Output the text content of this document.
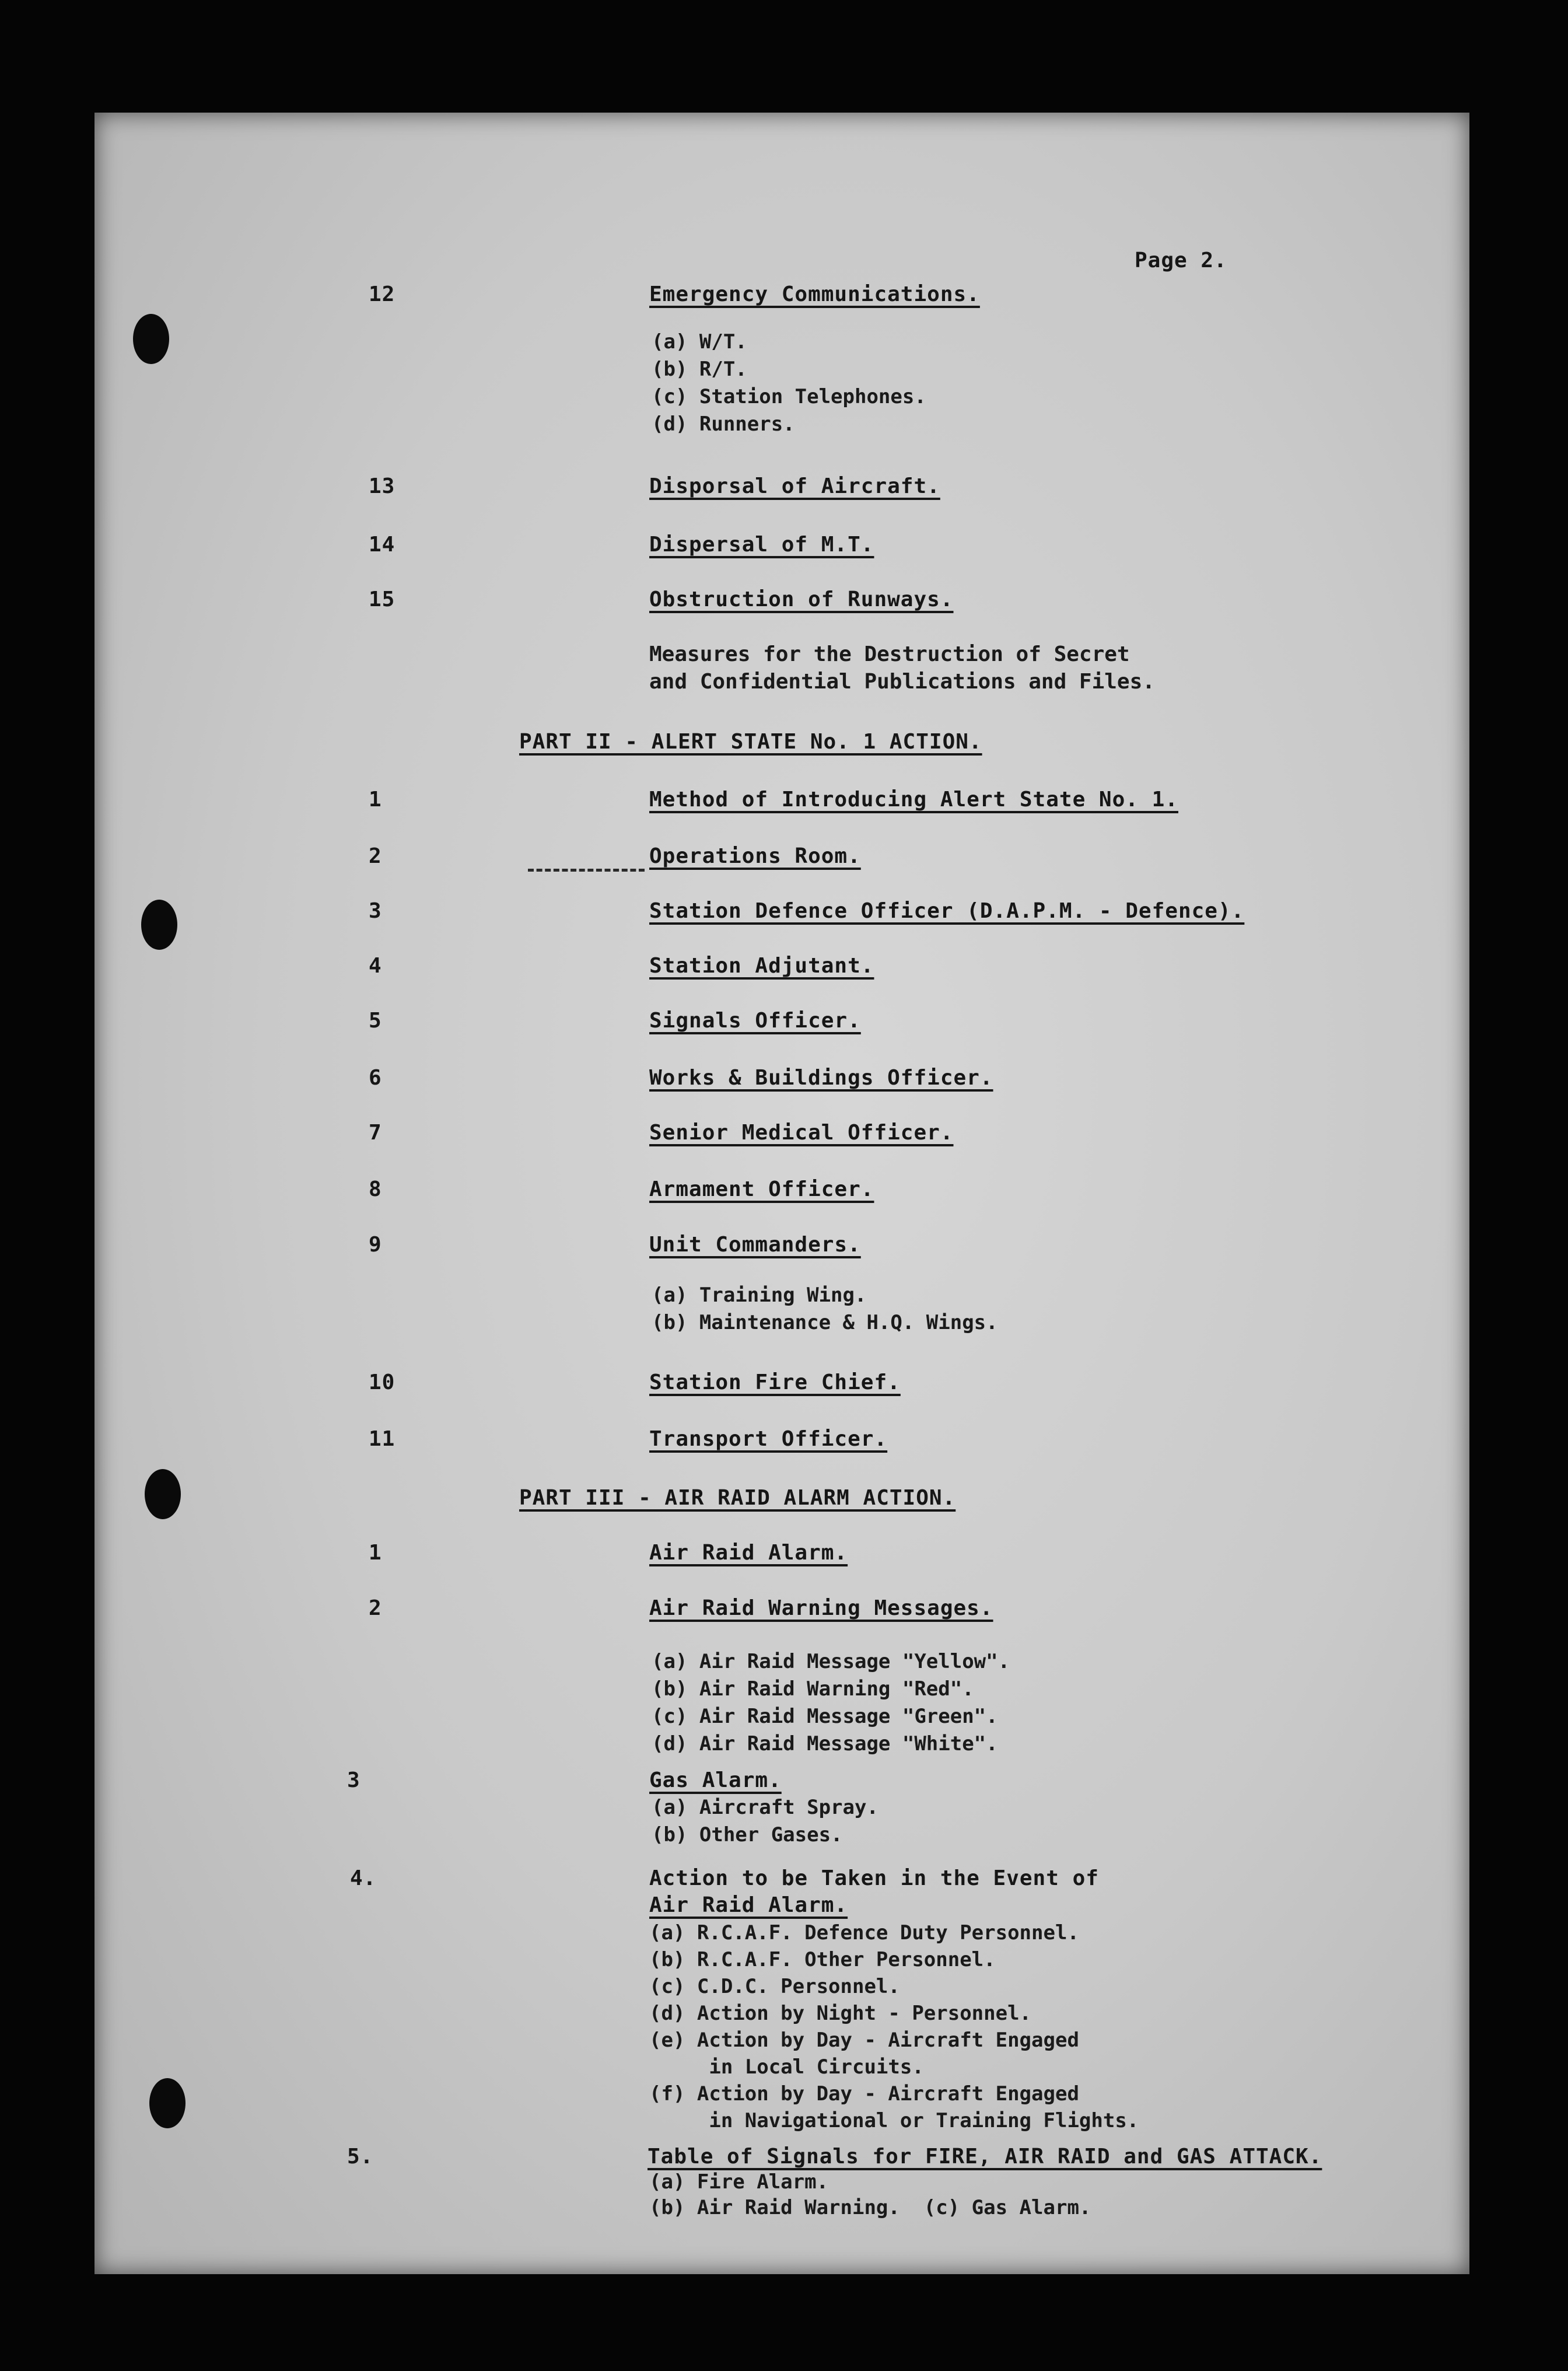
Page 2.
12	Emergency Communications.
(a) W/T.
(b) R/T.
(c) Station Telephones.
(d) Runners.
13	Disporsal of Aircraft.
14	Dispersal of M.T.
15	Obstruction of Runways.
Measures for the Destruction of Secret
and Confidential Publications and Files.
PART II - ALERT STATE No. 1 ACTION.
1	Method of Introducing Alert State No. 1.
2	Operations Room.
3	Station Defence Officer (D.A.P.M. - Defence).
4	Station Adjutant.
5	Signals Officer.
6	Works & Buildings Officer.
7	Senior Medical Officer.
8	Armament Officer.
9	Unit Commanders.
(a) Training Wing.
(b) Maintenance & H.Q. Wings.
10	Station Fire Chief.
11	Transport Officer.
PART III - AIR RAID ALARM ACTION.
1	Air Raid Alarm.
2	Air Raid Warning Messages.
(a) Air Raid Message "Yellow".
(b) Air Raid Warning "Red".
(c) Air Raid Message "Green".
(d) Air Raid Message "White".
3	Gas Alarm.
(a) Aircraft Spray.
(b) Other Gases.
4.	Action to be Taken in the Event of
Air Raid Alarm.
(a) R.C.A.F. Defence Duty Personnel.
(b) R.C.A.F. Other Personnel.
(c) C.D.C. Personnel.
(d) Action by Night - Personnel.
(e) Action by Day - Aircraft Engaged
in Local Circuits.
(f) Action by Day - Aircraft Engaged
in Navigational or Training Flights.
5.	Table of Signals for FIRE, AIR RAID and GAS ATTACK.
(a) Fire Alarm.
(b) Air Raid Warning.  (c) Gas Alarm.
